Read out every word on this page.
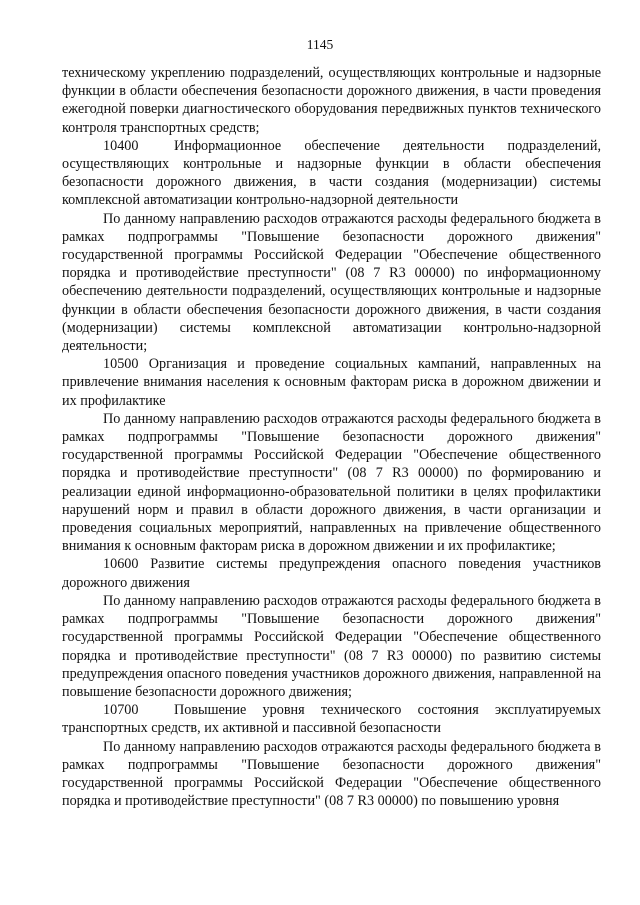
1145

техническому укреплению подразделений, осуществляющих контрольные и надзорные функции в области обеспечения безопасности дорожного движения, в части проведения ежегодной поверки диагностического оборудования передвижных пунктов технического контроля транспортных средств;

10400	Информационное обеспечение деятельности подразделений, осуществляющих контрольные и надзорные функции в области обеспечения безопасности дорожного движения, в части создания (модернизации) системы комплексной автоматизации контрольно-надзорной деятельности

По данному направлению расходов отражаются расходы федерального бюджета в рамках подпрограммы "Повышение безопасности дорожного движения" государственной программы Российской Федерации "Обеспечение общественного порядка и противодействие преступности" (08 7 R3 00000) по информационному обеспечению деятельности подразделений, осуществляющих контрольные и надзорные функции в области обеспечения безопасности дорожного движения, в части создания (модернизации) системы комплексной автоматизации контрольно-надзорной деятельности;

10500 Организация и проведение социальных кампаний, направленных на привлечение внимания населения к основным факторам риска в дорожном движении и их профилактике

По данному направлению расходов отражаются расходы федерального бюджета в рамках подпрограммы "Повышение безопасности дорожного движения" государственной программы Российской Федерации "Обеспечение общественного порядка и противодействие преступности" (08 7 R3 00000) по формированию и реализации единой информационно-образовательной политики в целях профилактики нарушений норм и правил в области дорожного движения, в части организации и проведения социальных мероприятий, направленных на привлечение общественного внимания к основным факторам риска в дорожном движении и их профилактике;

10600 Развитие системы предупреждения опасного поведения участников дорожного движения

По данному направлению расходов отражаются расходы федерального бюджета в рамках подпрограммы "Повышение безопасности дорожного движения" государственной программы Российской Федерации "Обеспечение общественного порядка и противодействие преступности" (08 7 R3 00000) по развитию системы предупреждения опасного поведения участников дорожного движения, направленной на повышение безопасности дорожного движения;

10700	Повышение уровня технического состояния эксплуатируемых транспортных средств, их активной и пассивной безопасности

По данному направлению расходов отражаются расходы федерального бюджета в рамках подпрограммы "Повышение безопасности дорожного движения" государственной программы Российской Федерации "Обеспечение общественного порядка и противодействие преступности" (08 7 R3 00000) по повышению уровня
